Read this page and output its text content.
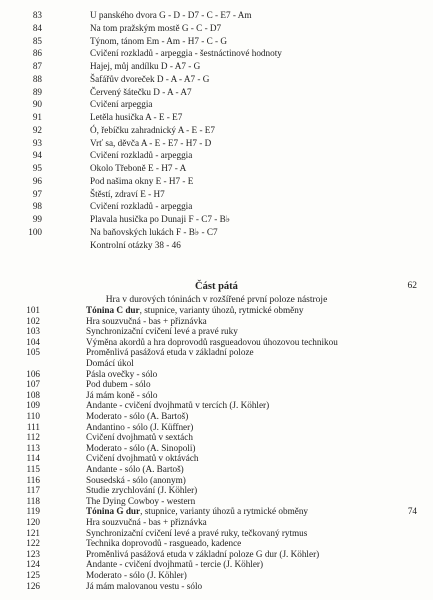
83	U panského dvora G - D - D7 - C - E7 - Am
84	Na tom pražským mostě G - C - D7
85	Týnom, tánom Em - Am - H7 - C - G
86	Cvičení rozkladů - arpeggia - šestnáctinové hodnoty
87	Hajej, můj andílku D - A7 - G
88	Šafářův dvoreček D - A - A7 - G
89	Červený šátečku D - A - A7
90	Cvičení arpeggia
91	Letěla husička A - E - E7
92	Ó, řebíčku zahradnický A - E - E7
93	Vrť sa, děvča A - E - E7 - H7 - D
94	Cvičení rozkladů - arpeggia
95	Okolo Třeboně E - H7 - A
96	Pod našima okny E - H7 - E
97	Štěstí, zdraví E - H7
98	Cvičení rozkladů - arpeggia
99	Plavala husička po Dunaji F - C7 - B♭
100	Na baňovských lukách F - B♭ - C7
Kontrolní otázky 38 - 46
Část pátá	62
Hra v durových tóninách v rozšířené první poloze nástroje
101	Tónina C dur, stupnice, varianty úhozů, rytmické obměny
102	Hra souzvučná - bas + přiznávka
103	Synchronizační cvičení levé a pravé ruky
104	Výměna akordů a hra doprovodů rasgueadovou úhozovou technikou
105	Proměnlivá pasážová etuda v základní poloze
Domácí úkol
106	Pásla ovečky - sólo
107	Pod dubem - sólo
108	Já mám koně - sólo
109	Andante - cvičení dvojhmatů v tercích (J. Köhler)
110	Moderato - sólo (A. Bartoš)
111	Andantino - sólo (J. Küffner)
112	Cvičení dvojhmatů v sextách
113	Moderato - sólo (A. Sinopoli)
114	Cvičení dvojhmatů v oktávách
115	Andante - sólo (A. Bartoš)
116	Sousedská - sólo (anonym)
117	Studie zrychlování (J. Köhler)
118	The Dying Cowboy - western
119	Tónina G dur, stupnice, varianty úhozů a rytmické obměny	74
120	Hra souzvučná - bas + přiznávka
121	Synchronizační cvičení levé a pravé ruky, tečkovaný rytmus
122	Technika doprovodů - rasgueado, kadence
123	Proměnlivá pasážová etuda v základní poloze G dur (J. Köhler)
124	Andante - cvičení dvojhmatů - tercie (J. Köhler)
125	Moderato - sólo (J. Köhler)
126	Já mám malovanou vestu - sólo
